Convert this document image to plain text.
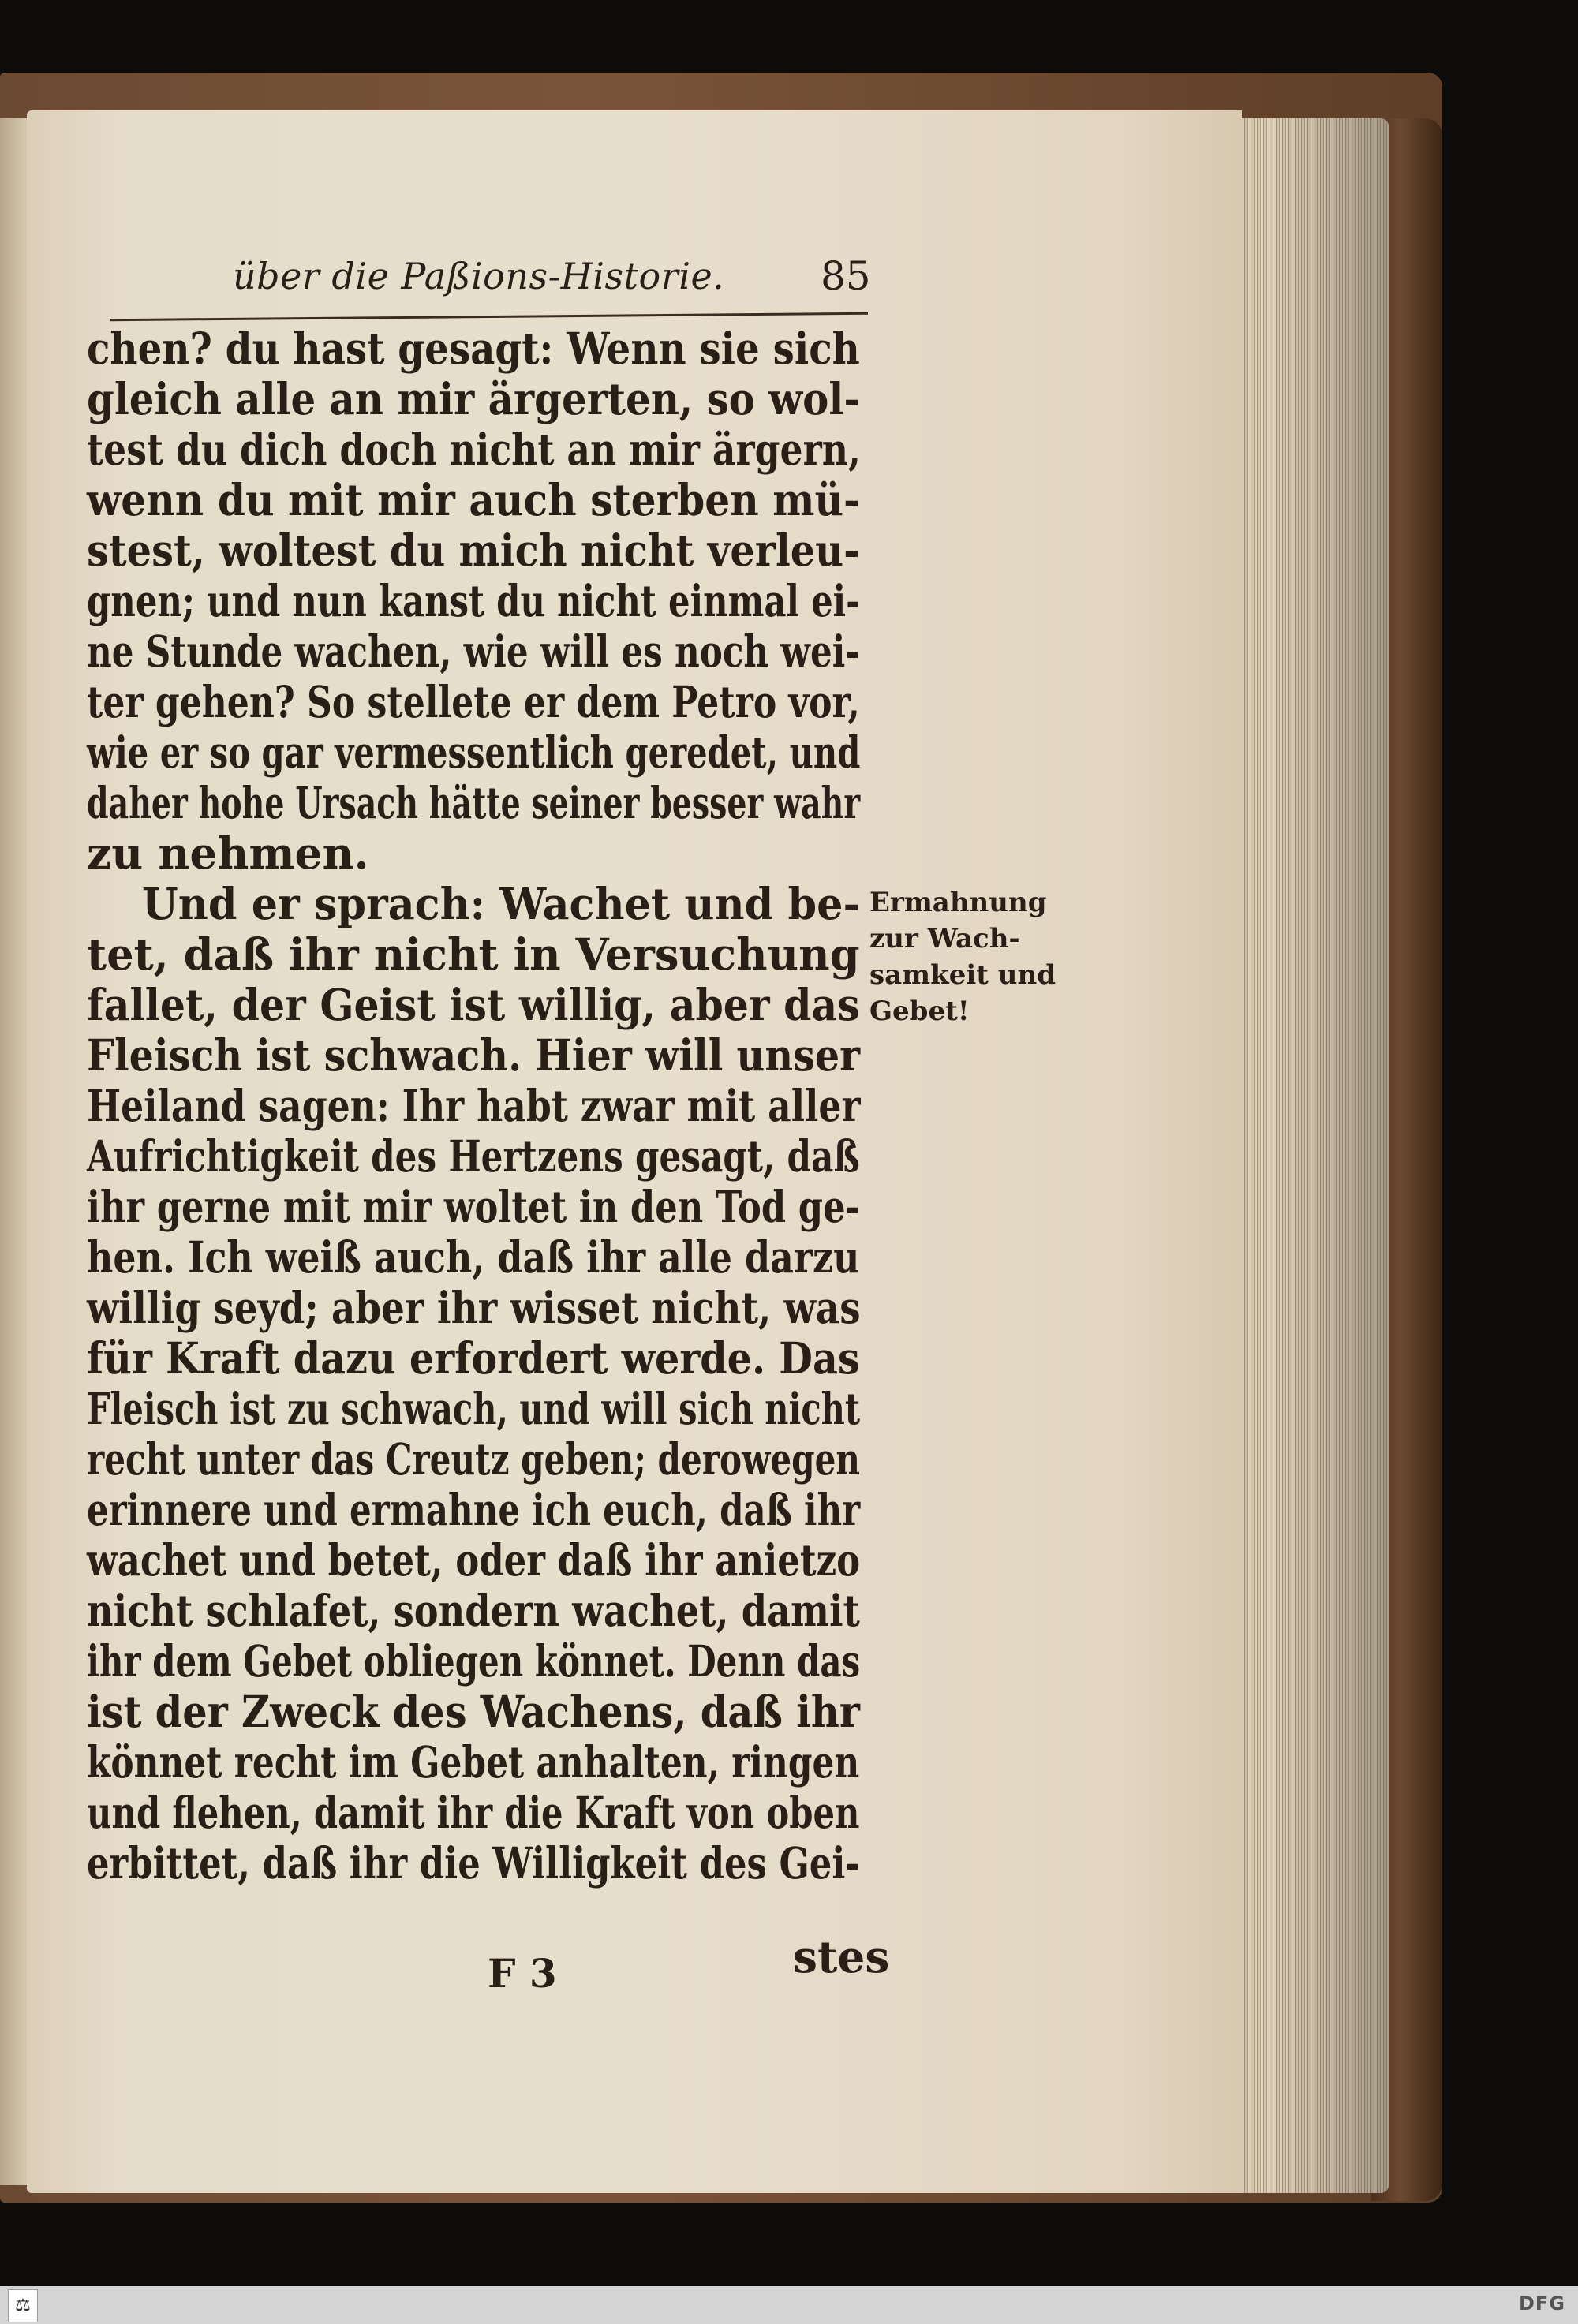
über die Paßions-Historie. 85
chen? du hast gesagt: Wenn sie sich
gleich alle an mir ärgerten, so wol-
test du dich doch nicht an mir ärgern,
wenn du mit mir auch sterben mü-
stest, woltest du mich nicht verleu-
gnen; und nun kanst du nicht einmal ei-
ne Stunde wachen, wie will es noch wei-
ter gehen? So stellete er dem Petro vor,
wie er so gar vermessentlich geredet, und
daher hohe Ursach hätte seiner besser wahr
zu nehmen.
Und er sprach: Wachet und be-
tet, daß ihr nicht in Versuchung
fallet, der Geist ist willig, aber das
Fleisch ist schwach. Hier will unser
Heiland sagen: Ihr habt zwar mit aller
Aufrichtigkeit des Hertzens gesagt, daß
ihr gerne mit mir woltet in den Tod ge-
hen. Ich weiß auch, daß ihr alle darzu
willig seyd; aber ihr wisset nicht, was
für Kraft dazu erfordert werde. Das
Fleisch ist zu schwach, und will sich nicht
recht unter das Creutz geben; derowegen
erinnere und ermahne ich euch, daß ihr
wachet und betet, oder daß ihr anietzo
nicht schlafet, sondern wachet, damit
ihr dem Gebet obliegen könnet. Denn das
ist der Zweck des Wachens, daß ihr
könnet recht im Gebet anhalten, ringen
und flehen, damit ihr die Kraft von oben
erbittet, daß ihr die Willigkeit des Gei-
Ermahnung
zur Wach-
samkeit und
Gebet!
F 3	stes
⚖	DFG
